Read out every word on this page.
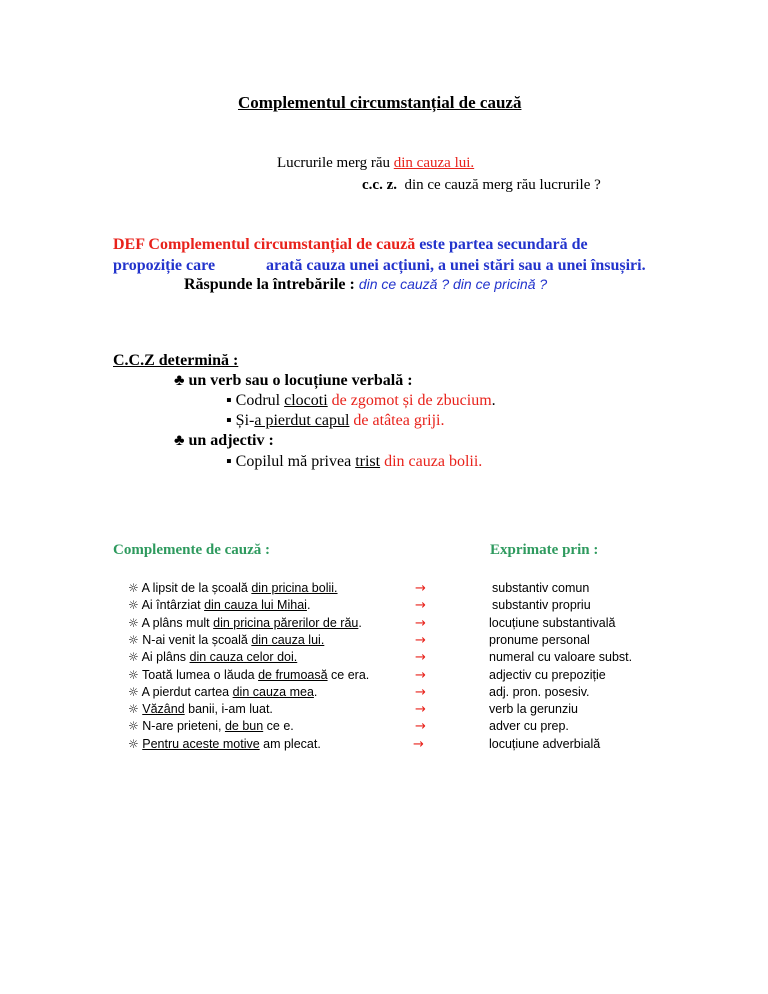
Complementul circumstanțial de cauză
Lucrurile merg rău din cauza lui.
c.c. z. din ce cauză merg rău lucrurile ?
DEF Complementul circumstanțial de cauză este partea secundară de
propoziție care	arată cauza unei acțiuni, a unei stări sau a unei însușiri.
Răspunde la întrebările : din ce cauză ? din ce pricină ?
C.C.Z determină :
♣ un verb sau o locuțiune verbală :
▪ Codrul clocoti de zgomot și de zbucium.
▪ Și-a pierdut capul de atâtea griji.
♣ un adjectiv :
▪ Copilul mă privea trist din cauza bolii.
Complemente de cauză :	Exprimate prin :
☼ A lipsit de la școală din pricina bolii.	→	substantiv comun
☼ Ai întârziat din cauza lui Mihai.	→	substantiv propriu
☼ A plâns mult din pricina părerilor de rău.	→	locuțiune substantivală
☼ N-ai venit la școală din cauza lui.	→	pronume personal
☼ Ai plâns din cauza celor doi.	→	numeral cu valoare subst.
☼ Toată lumea o lăuda de frumoasă ce era.	→	adjectiv cu prepoziție
☼ A pierdut cartea din cauza mea.	→	adj. pron. posesiv.
☼ Văzând banii, i-am luat.	→	verb la gerunziu
☼ N-are prieteni, de bun ce e.	→	adver cu prep.
☼ Pentru aceste motive am plecat.	→	locuțiune adverbială
